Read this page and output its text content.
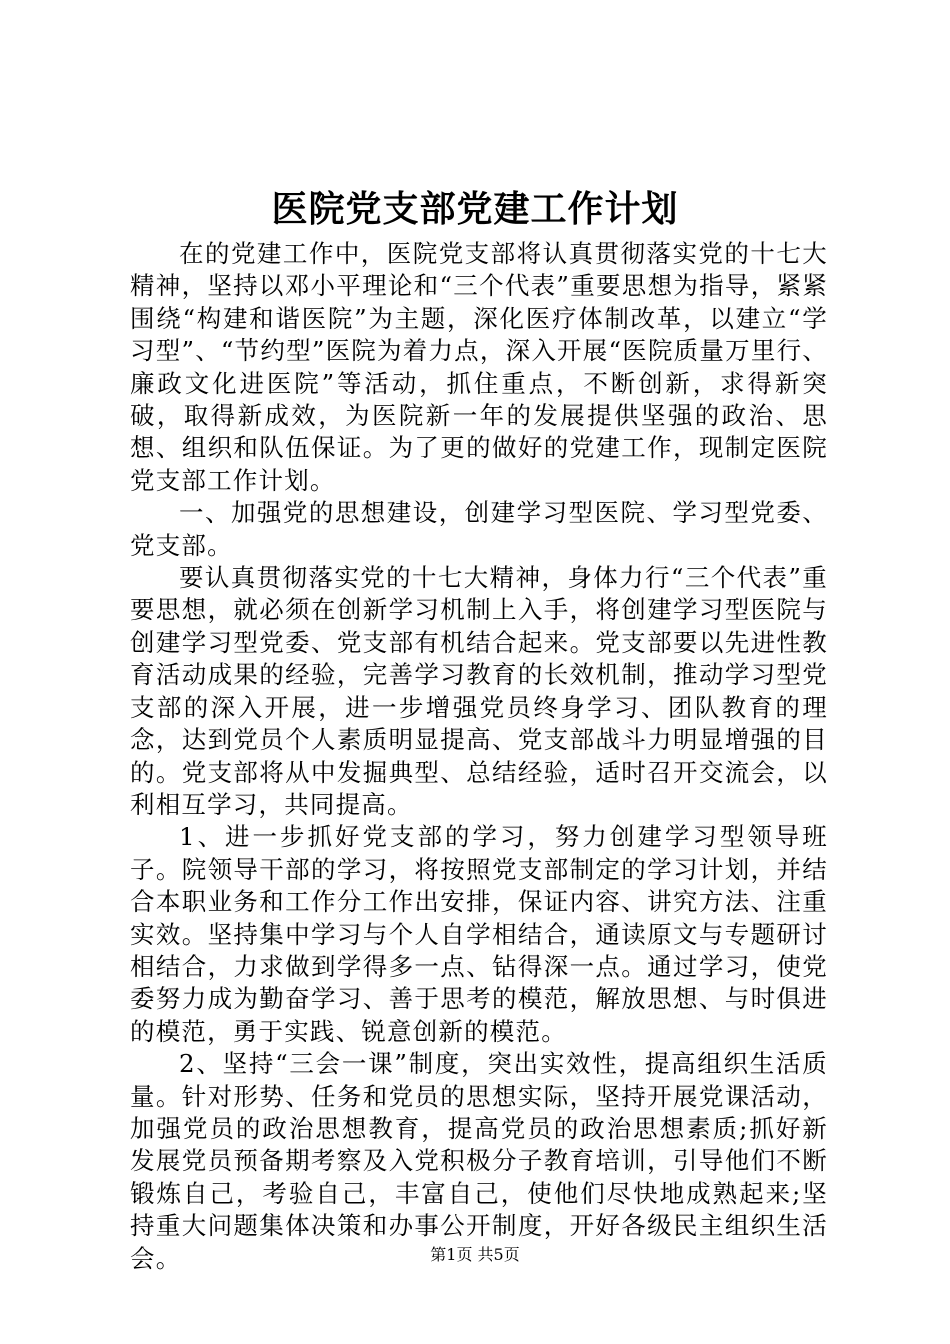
医院党支部党建工作计划

在的党建工作中，医院党支部将认真贯彻落实党的十七大精神，坚持以邓小平理论和“三个代表”重要思想为指导，紧紧围绕“构建和谐医院”为主题，深化医疗体制改革，以建立“学习型”、“节约型”医院为着力点，深入开展“医院质量万里行、廉政文化进医院”等活动，抓住重点，不断创新，求得新突破，取得新成效，为医院新一年的发展提供坚强的政治、思想、组织和队伍保证。为了更的做好的党建工作，现制定医院党支部工作计划。

一、加强党的思想建设，创建学习型医院、学习型党委、党支部。

要认真贯彻落实党的十七大精神，身体力行“三个代表”重要思想，就必须在创新学习机制上入手，将创建学习型医院与创建学习型党委、党支部有机结合起来。党支部要以先进性教育活动成果的经验，完善学习教育的长效机制，推动学习型党支部的深入开展，进一步增强党员终身学习、团队教育的理念，达到党员个人素质明显提高、党支部战斗力明显增强的目的。党支部将从中发掘典型、总结经验，适时召开交流会，以利相互学习，共同提高。

1、进一步抓好党支部的学习，努力创建学习型领导班子。院领导干部的学习，将按照党支部制定的学习计划，并结合本职业务和工作分工作出安排，保证内容、讲究方法、注重实效。坚持集中学习与个人自学相结合，通读原文与专题研讨相结合，力求做到学得多一点、钻得深一点。通过学习，使党委努力成为勤奋学习、善于思考的模范，解放思想、与时俱进的模范，勇于实践、锐意创新的模范。

2、坚持“三会一课”制度，突出实效性，提高组织生活质量。针对形势、任务和党员的思想实际，坚持开展党课活动，加强党员的政治思想教育，提高党员的政治思想素质;抓好新发展党员预备期考察及入党积极分子教育培训，引导他们不断锻炼自己，考验自己，丰富自己，使他们尽快地成熟起来;坚持重大问题集体决策和办事公开制度，开好各级民主组织生活会。	第1页 共5页
